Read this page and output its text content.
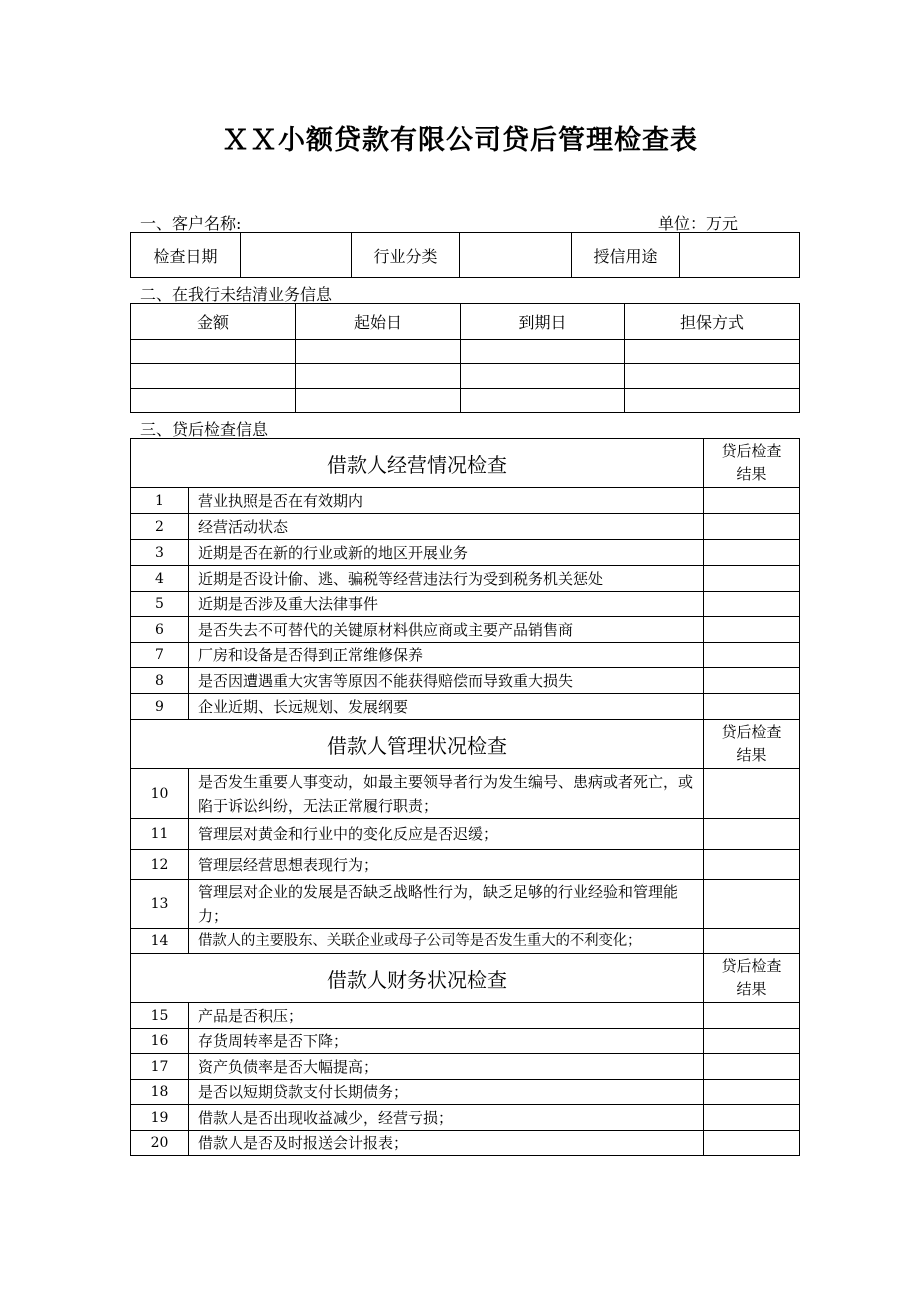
ＸＸ小额贷款有限公司贷后管理检查表
一、客户名称:	单位：万元
检查日期		行业分类		授信用途	
二、在我行未结清业务信息
金额	起始日	到期日	担保方式

三、贷后检查信息
借款人经营情况检查		贷后检查
结果
1	营业执照是否在有效期内	
2	经营活动状态	
3	近期是否在新的行业或新的地区开展业务	
4	近期是否设计偷、逃、骗税等经营违法行为受到税务机关惩处	
5	近期是否涉及重大法律事件	
6	是否失去不可替代的关键原材料供应商或主要产品销售商	
7	厂房和设备是否得到正常维修保养	
8	是否因遭遇重大灾害等原因不能获得赔偿而导致重大损失	
9	企业近期、长远规划、发展纲要	
借款人管理状况检查		贷后检查
结果
10	是否发生重要人事变动，如最主要领导者行为发生编号、患病或者死亡，或陷于诉讼纠纷，无法正常履行职责；	
11	管理层对黄金和行业中的变化反应是否迟缓；	
12	管理层经营思想表现行为；	
13	管理层对企业的发展是否缺乏战略性行为，缺乏足够的行业经验和管理能力；	
14	借款人的主要股东、关联企业或母子公司等是否发生重大的不利变化；	
借款人财务状况检查		贷后检查
结果
15	产品是否积压；	
16	存货周转率是否下降；	
17	资产负债率是否大幅提高；	
18	是否以短期贷款支付长期债务；	
19	借款人是否出现收益减少，经营亏损；	
20	借款人是否及时报送会计报表；	
